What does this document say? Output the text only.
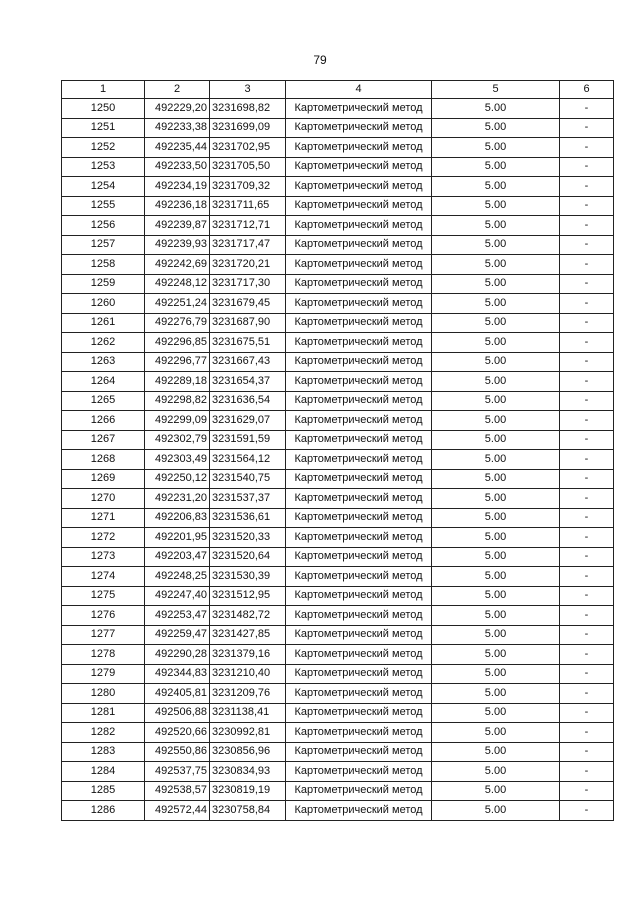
79
1	2	3	4	5	6
1250	492229,20	3231698,82	Картометрический метод	5.00	-
1251	492233,38	3231699,09	Картометрический метод	5.00	-
1252	492235,44	3231702,95	Картометрический метод	5.00	-
1253	492233,50	3231705,50	Картометрический метод	5.00	-
1254	492234,19	3231709,32	Картометрический метод	5.00	-
1255	492236,18	3231711,65	Картометрический метод	5.00	-
1256	492239,87	3231712,71	Картометрический метод	5.00	-
1257	492239,93	3231717,47	Картометрический метод	5.00	-
1258	492242,69	3231720,21	Картометрический метод	5.00	-
1259	492248,12	3231717,30	Картометрический метод	5.00	-
1260	492251,24	3231679,45	Картометрический метод	5.00	-
1261	492276,79	3231687,90	Картометрический метод	5.00	-
1262	492296,85	3231675,51	Картометрический метод	5.00	-
1263	492296,77	3231667,43	Картометрический метод	5.00	-
1264	492289,18	3231654,37	Картометрический метод	5.00	-
1265	492298,82	3231636,54	Картометрический метод	5.00	-
1266	492299,09	3231629,07	Картометрический метод	5.00	-
1267	492302,79	3231591,59	Картометрический метод	5.00	-
1268	492303,49	3231564,12	Картометрический метод	5.00	-
1269	492250,12	3231540,75	Картометрический метод	5.00	-
1270	492231,20	3231537,37	Картометрический метод	5.00	-
1271	492206,83	3231536,61	Картометрический метод	5.00	-
1272	492201,95	3231520,33	Картометрический метод	5.00	-
1273	492203,47	3231520,64	Картометрический метод	5.00	-
1274	492248,25	3231530,39	Картометрический метод	5.00	-
1275	492247,40	3231512,95	Картометрический метод	5.00	-
1276	492253,47	3231482,72	Картометрический метод	5.00	-
1277	492259,47	3231427,85	Картометрический метод	5.00	-
1278	492290,28	3231379,16	Картометрический метод	5.00	-
1279	492344,83	3231210,40	Картометрический метод	5.00	-
1280	492405,81	3231209,76	Картометрический метод	5.00	-
1281	492506,88	3231138,41	Картометрический метод	5.00	-
1282	492520,66	3230992,81	Картометрический метод	5.00	-
1283	492550,86	3230856,96	Картометрический метод	5.00	-
1284	492537,75	3230834,93	Картометрический метод	5.00	-
1285	492538,57	3230819,19	Картометрический метод	5.00	-
1286	492572,44	3230758,84	Картометрический метод	5.00	-
